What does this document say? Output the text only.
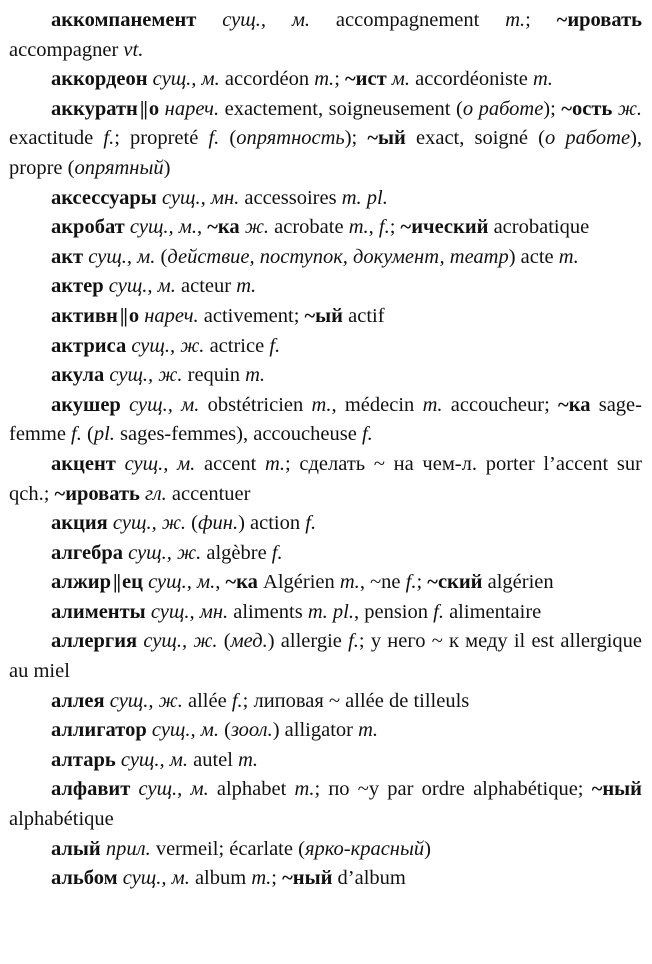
аккомпанемент сущ., м. accompagnement m.; ~ировать accompagner vt.

аккордеон сущ., м. accordéon m.; ~ист м. accordéoniste m.

аккуратн||о нареч. exactement, soigneusement (о работе); ~ость ж. exactitude f.; propreté f. (опрятность); ~ый exact, soigné (о работе), propre (опрятный)

аксессуары сущ., мн. accessoires m. pl.

акробат сущ., м., ~ка ж. acrobate m., f.; ~ический acrobatique

акт сущ., м. (действие, поступок, документ, театр) acte m.

актер сущ., м. acteur m.

активн||о нареч. activement; ~ый actif

актриса сущ., ж. actrice f.

акула сущ., ж. requin m.

акушер сущ., м. obstétricien m., médecin m. accoucheur; ~ка sage-femme f. (pl. sages-femmes), accoucheuse f.

акцент сущ., м. accent m.; сделать ~ на чем-л. porter l’accent sur qch.; ~ировать гл. accentuer

акция сущ., ж. (фин.) action f.

алгебра сущ., ж. algèbre f.

алжир||ец сущ., м., ~ка Algérien m., ~ne f.; ~ский algérien

алименты сущ., мн. aliments m. pl., pension f. alimentaire

аллергия сущ., ж. (мед.) allergie f.; у него ~ к меду il est allergique au miel

аллея сущ., ж. allée f.; липовая ~ allée de tilleuls

аллигатор сущ., м. (зоол.) alligator m.

алтарь сущ., м. autel m.

алфавит сущ., м. alphabet m.; по ~у par ordre alphabétique; ~ный alphabétique

алый прил. vermeil; écarlate (ярко-красный)

альбом сущ., м. album m.; ~ный d’album
